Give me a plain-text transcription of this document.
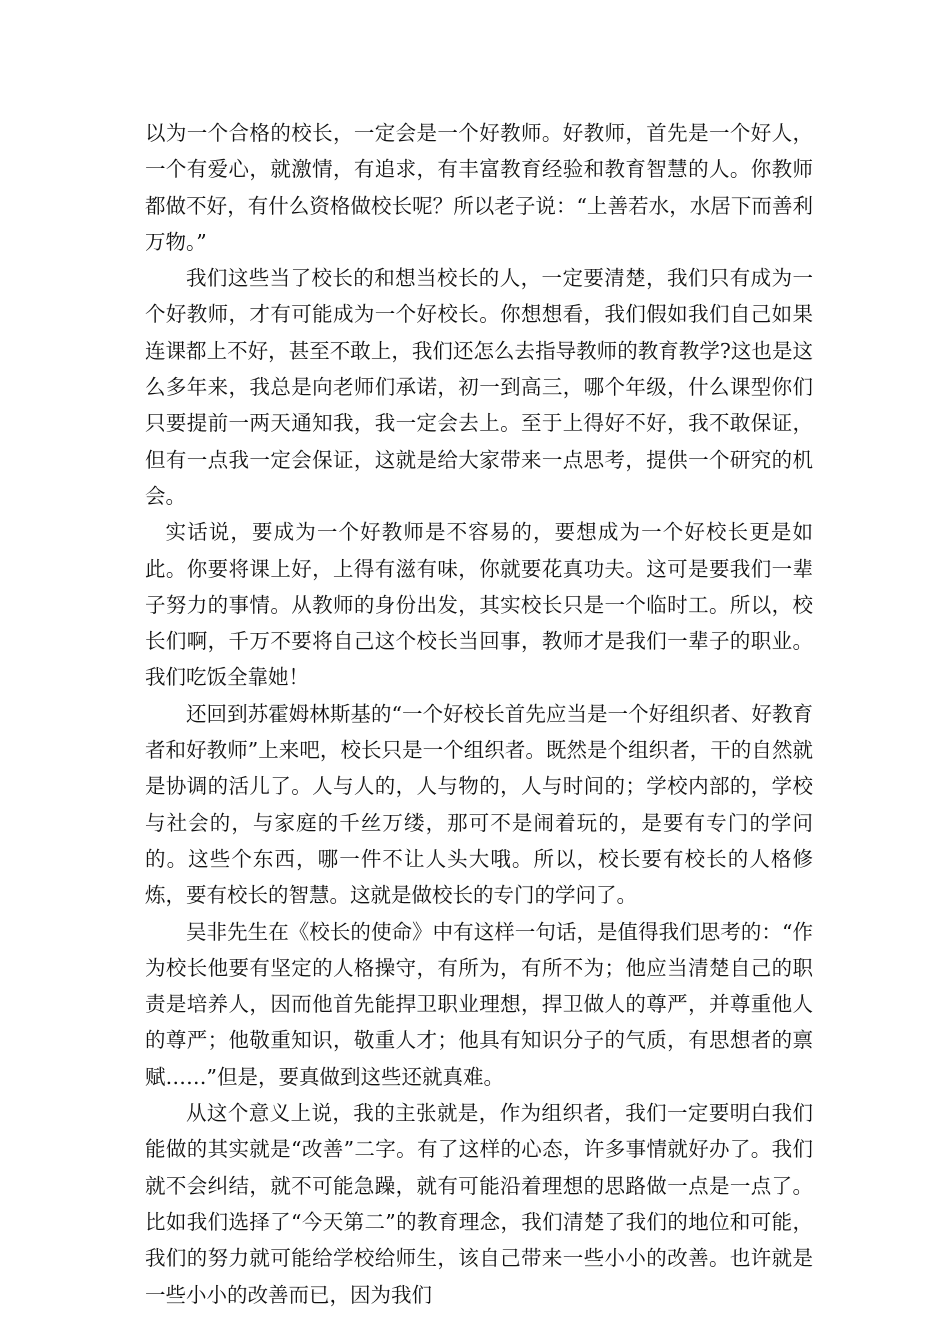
以为一个合格的校长，一定会是一个好教师。好教师，首先是一个好人，一个有爱心，就激情，有追求，有丰富教育经验和教育智慧的人。你教师都做不好，有什么资格做校长呢？所以老子说：“上善若水，水居下而善利万物。”

我们这些当了校长的和想当校长的人，一定要清楚，我们只有成为一个好教师，才有可能成为一个好校长。你想想看，我们假如我们自己如果连课都上不好，甚至不敢上，我们还怎么去指导教师的教育教学?这也是这么多年来，我总是向老师们承诺，初一到高三，哪个年级，什么课型你们只要提前一两天通知我，我一定会去上。至于上得好不好，我不敢保证，但有一点我一定会保证，这就是给大家带来一点思考，提供一个研究的机会。

实话说，要成为一个好教师是不容易的，要想成为一个好校长更是如此。你要将课上好，上得有滋有味，你就要花真功夫。这可是要我们一辈子努力的事情。从教师的身份出发，其实校长只是一个临时工。所以，校长们啊，千万不要将自己这个校长当回事，教师才是我们一辈子的职业。我们吃饭全靠她！

还回到苏霍姆林斯基的“一个好校长首先应当是一个好组织者、好教育者和好教师”上来吧，校长只是一个组织者。既然是个组织者，干的自然就是协调的活儿了。人与人的，人与物的，人与时间的；学校内部的，学校与社会的，与家庭的千丝万缕，那可不是闹着玩的，是要有专门的学问的。这些个东西，哪一件不让人头大哦。所以，校长要有校长的人格修炼，要有校长的智慧。这就是做校长的专门的学问了。

吴非先生在《校长的使命》中有这样一句话，是值得我们思考的：“作为校长他要有坚定的人格操守，有所为，有所不为；他应当清楚自己的职责是培养人，因而他首先能捍卫职业理想，捍卫做人的尊严，并尊重他人的尊严；他敬重知识，敬重人才；他具有知识分子的气质，有思想者的禀赋……”但是，要真做到这些还就真难。

从这个意义上说，我的主张就是，作为组织者，我们一定要明白我们能做的其实就是“改善”二字。有了这样的心态，许多事情就好办了。我们就不会纠结，就不可能急躁，就有可能沿着理想的思路做一点是一点了。比如我们选择了“今天第二”的教育理念，我们清楚了我们的地位和可能，我们的努力就可能给学校给师生，该自己带来一些小小的改善。也许就是一些小小的改善而已，因为我们
